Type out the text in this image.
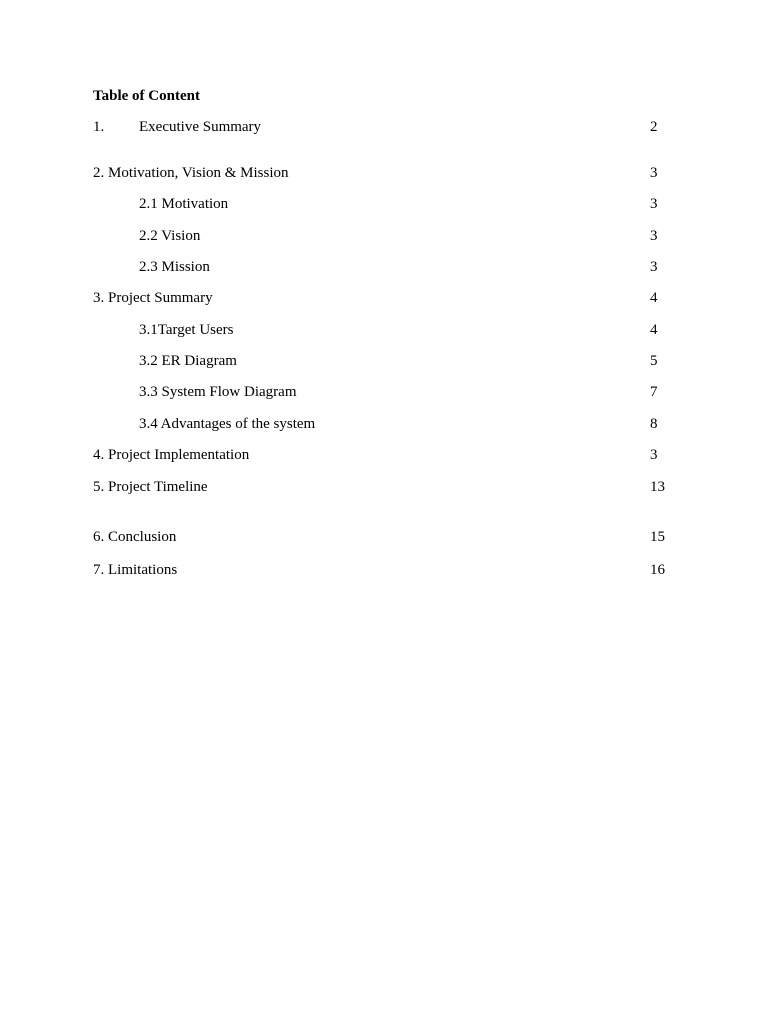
Table of Content
1. Executive Summary	2
2. Motivation, Vision & Mission	3
2.1 Motivation	3
2.2 Vision	3
2.3 Mission	3
3. Project Summary	4
3.1Target Users	4
3.2 ER Diagram	5
3.3 System Flow Diagram	7
3.4 Advantages of the system	8
4. Project Implementation	3
5. Project Timeline	13
6. Conclusion	15
7. Limitations	16
